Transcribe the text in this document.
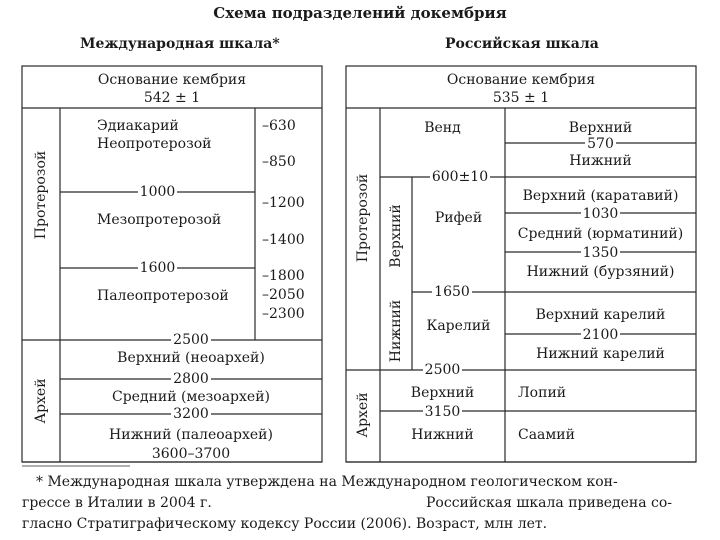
Схема подразделений докембрия
Международная шкала*	Российская шкала
Основание кембрия
542 ± 1
Протерозой
Архей
Эдиакарий
Неопротерозой
Мезопротерозой
Палеопротерозой
–630
–850
–1200
–1400
–1800
–2050
–2300
1000
1600
2500
Верхний (неоархей)
2800
Средний (мезоархей)
3200
Нижний (палеоархей)
3600–3700
Основание кембрия
535 ± 1
Протерозой
Архей
Верхний
Нижний
Венд
Рифей
Карелий
Верхний
Нижний
Верхний
570
Нижний
600±10
Верхний (каратавий)
1030
Средний (юрматиний)
1350
Нижний (бурзяний)
1650
Верхний карелий
2100
Нижний карелий
2500
3150
Лопий
Саамий
* Международная шкала утверждена на Международном геологическом кон-
грессе в Италии в 2004 г.	Российская шкала приведена со-
гласно Стратиграфическому кодексу России (2006). Возраст, млн лет.
